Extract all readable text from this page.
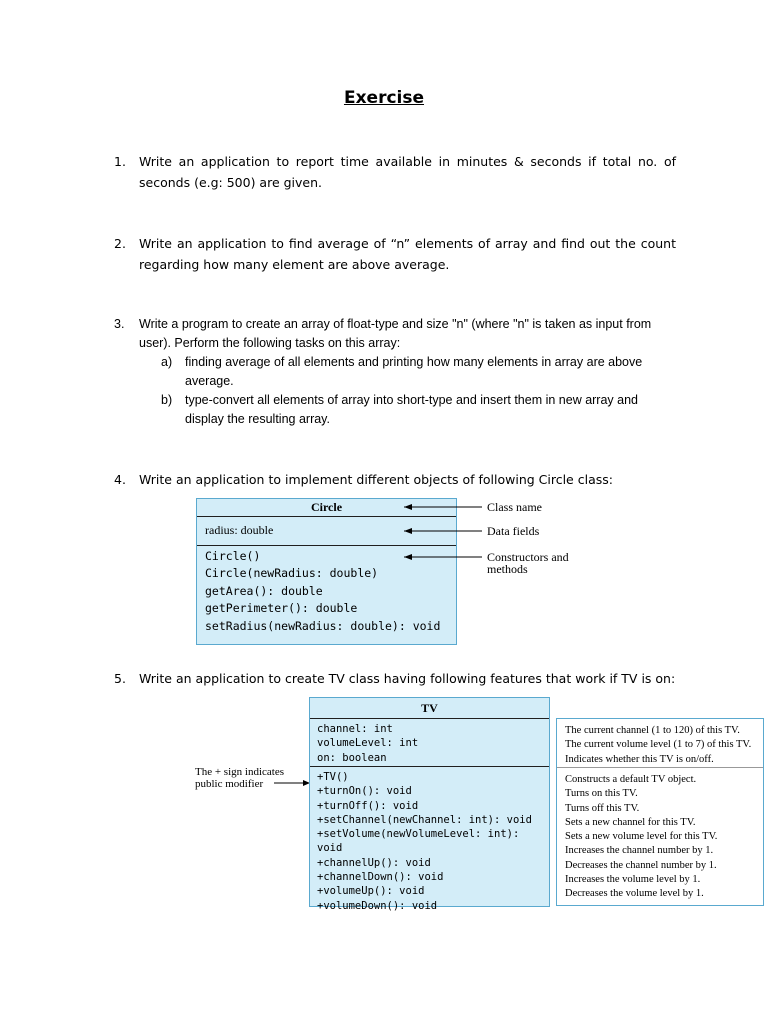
Exercise
1. Write an application to report time available in minutes & seconds if total no. of seconds (e.g: 500) are given.
2. Write an application to find average of “n” elements of array and find out the count regarding how many element are above average.
3. Write a program to create an array of float-type and size "n" (where "n" is taken as input from user). Perform the following tasks on this array:
a) finding average of all elements and printing how many elements in array are above average.
b) type-convert all elements of array into short-type and insert them in new array and display the resulting array.
4. Write an application to implement different objects of following Circle class:
Circle
radius: double
Circle()
Circle(newRadius: double)
getArea(): double
getPerimeter(): double
setRadius(newRadius: double): void
Class name
Data fields
Constructors and
methods
5. Write an application to create TV class having following features that work if TV is on:
TV
channel: int
volumeLevel: int
on: boolean
+TV()
+turnOn(): void
+turnOff(): void
+setChannel(newChannel: int): void
+setVolume(newVolumeLevel: int): void
+channelUp(): void
+channelDown(): void
+volumeUp(): void
+volumeDown(): void
The + sign indicates
public modifier
The current channel (1 to 120) of this TV.
The current volume level (1 to 7) of this TV.
Indicates whether this TV is on/off.
Constructs a default TV object.
Turns on this TV.
Turns off this TV.
Sets a new channel for this TV.
Sets a new volume level for this TV.
Increases the channel number by 1.
Decreases the channel number by 1.
Increases the volume level by 1.
Decreases the volume level by 1.
